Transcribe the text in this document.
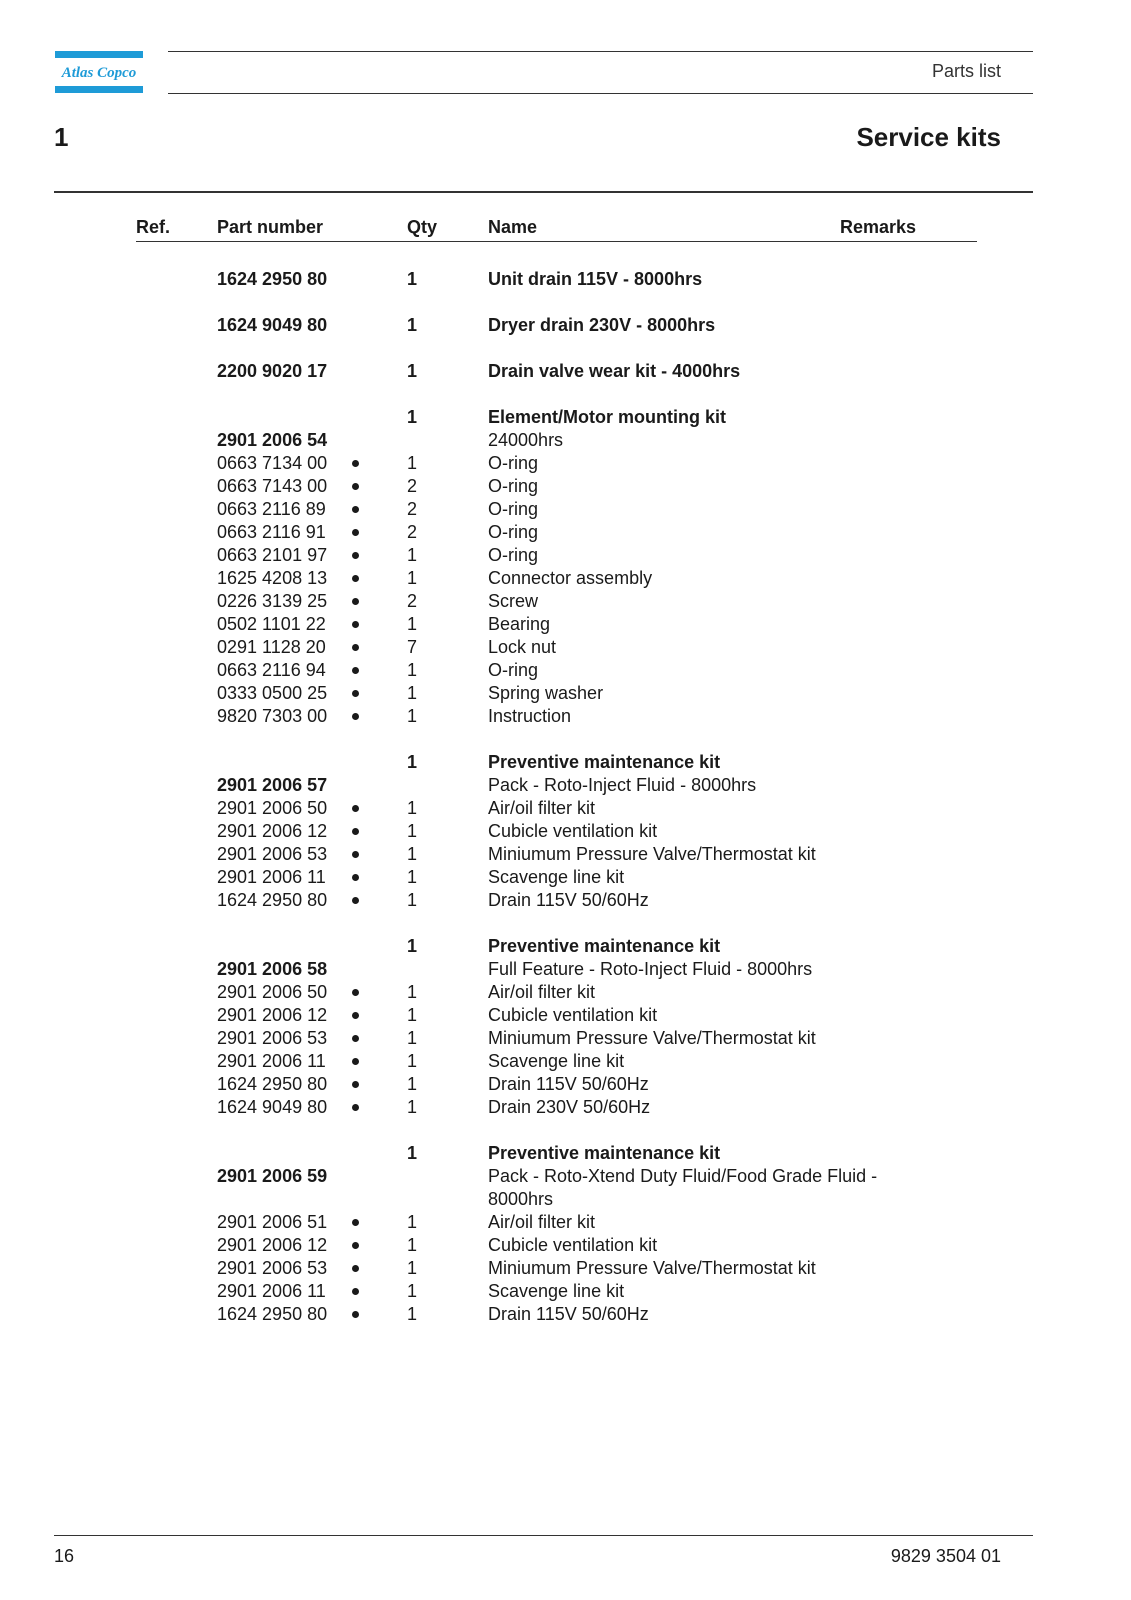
Atlas Copco	Parts list
1	Service kits
Ref.	Part number	Qty	Name	Remarks
1624 2950 80	1	Unit drain 115V - 8000hrs
1624 9049 80	1	Dryer drain 230V - 8000hrs
2200 9020 17	1	Drain valve wear kit - 4000hrs
1	Element/Motor mounting kit
2901 2006 54	24000hrs
0663 7134 00	1	O-ring
0663 7143 00	2	O-ring
0663 2116 89	2	O-ring
0663 2116 91	2	O-ring
0663 2101 97	1	O-ring
1625 4208 13	1	Connector assembly
0226 3139 25	2	Screw
0502 1101 22	1	Bearing
0291 1128 20	7	Lock nut
0663 2116 94	1	O-ring
0333 0500 25	1	Spring washer
9820 7303 00	1	Instruction
1	Preventive maintenance kit
2901 2006 57	Pack - Roto-Inject Fluid - 8000hrs
2901 2006 50	1	Air/oil filter kit
2901 2006 12	1	Cubicle ventilation kit
2901 2006 53	1	Miniumum Pressure Valve/Thermostat kit
2901 2006 11	1	Scavenge line kit
1624 2950 80	1	Drain 115V 50/60Hz
1	Preventive maintenance kit
2901 2006 58	Full Feature - Roto-Inject Fluid - 8000hrs
2901 2006 50	1	Air/oil filter kit
2901 2006 12	1	Cubicle ventilation kit
2901 2006 53	1	Miniumum Pressure Valve/Thermostat kit
2901 2006 11	1	Scavenge line kit
1624 2950 80	1	Drain 115V 50/60Hz
1624 9049 80	1	Drain 230V 50/60Hz
1	Preventive maintenance kit
2901 2006 59	Pack - Roto-Xtend Duty Fluid/Food Grade Fluid -
8000hrs
2901 2006 51	1	Air/oil filter kit
2901 2006 12	1	Cubicle ventilation kit
2901 2006 53	1	Miniumum Pressure Valve/Thermostat kit
2901 2006 11	1	Scavenge line kit
1624 2950 80	1	Drain 115V 50/60Hz
16	9829 3504 01
